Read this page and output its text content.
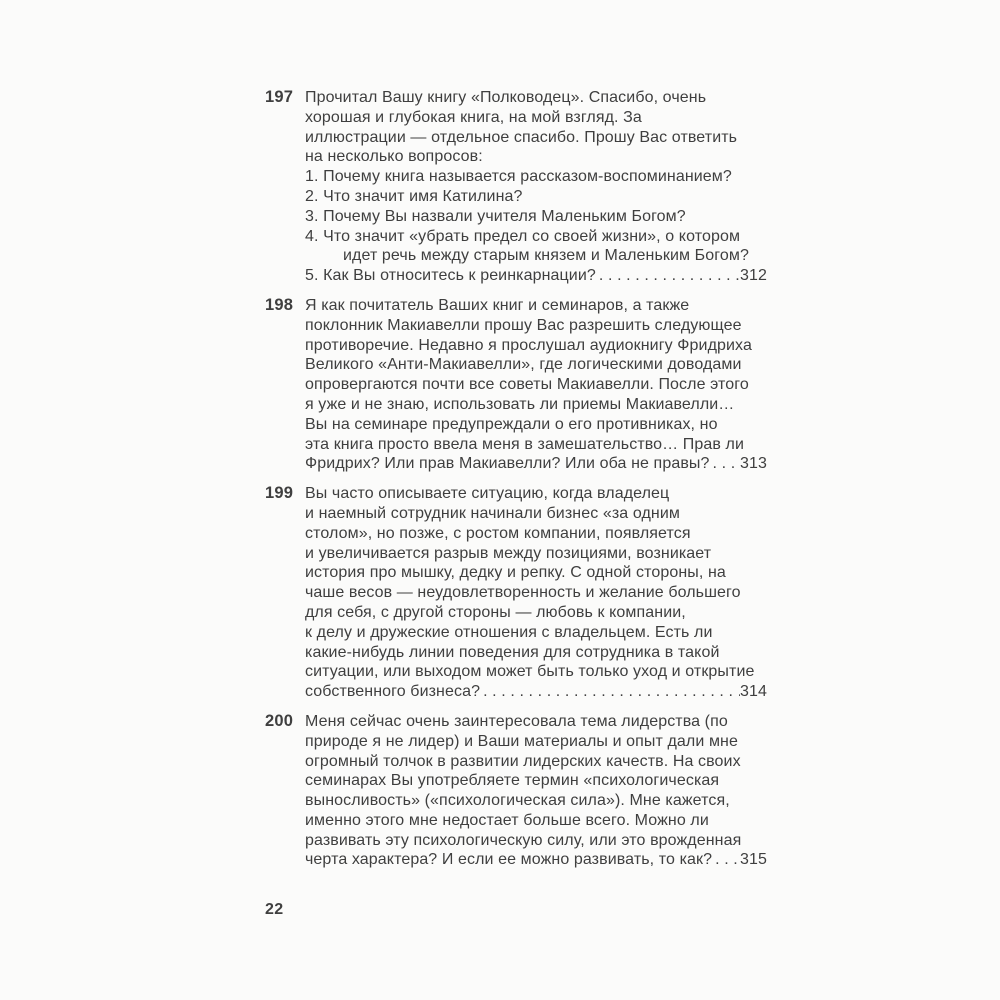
197 Прочитал Вашу книгу «Полководец». Спасибо, очень
хорошая и глубокая книга, на мой взгляд. За
иллюстрации — отдельное спасибо. Прошу Вас ответить
на несколько вопросов:
1. Почему книга называется рассказом-воспоминанием?
2. Что значит имя Катилина?
3. Почему Вы назвали учителя Маленьким Богом?
4. Что значит «убрать предел со своей жизни», о котором
идет речь между старым князем и Маленьким Богом?
5. Как Вы относитесь к реинкарнации? . . .	312
198 Я как почитатель Ваших книг и семинаров, а также
поклонник Макиавелли прошу Вас разрешить следующее
противоречие. Недавно я прослушал аудиокнигу Фридриха
Великого «Анти-Макиавелли», где логическими доводами
опровергаются почти все советы Макиавелли. После этого
я уже и не знаю, использовать ли приемы Макиавелли…
Вы на семинаре предупреждали о его противниках, но
эта книга просто ввела меня в замешательство… Прав ли
Фридрих? Или прав Макиавелли? Или оба не правы? . . . 313
199 Вы часто описываете ситуацию, когда владелец
и наемный сотрудник начинали бизнес «за одним
столом», но позже, с ростом компании, появляется
и увеличивается разрыв между позициями, возникает
история про мышку, дедку и репку. С одной стороны, на
чаше весов — неудовлетворенность и желание большего
для себя, с другой стороны — любовь к компании,
к делу и дружеские отношения с владельцем. Есть ли
какие-нибудь линии поведения для сотрудника в такой
ситуации, или выходом может быть только уход и открытие
собственного бизнеса? . . .	314
200 Меня сейчас очень заинтересовала тема лидерства (по
природе я не лидер) и Ваши материалы и опыт дали мне
огромный толчок в развитии лидерских качеств. На своих
семинарах Вы употребляете термин «психологическая
выносливость» («психологическая сила»). Мне кажется,
именно этого мне недостает больше всего. Можно ли
развивать эту психологическую силу, или это врожденная
черта характера? И если ее можно развивать, то как? . . . 315
22
